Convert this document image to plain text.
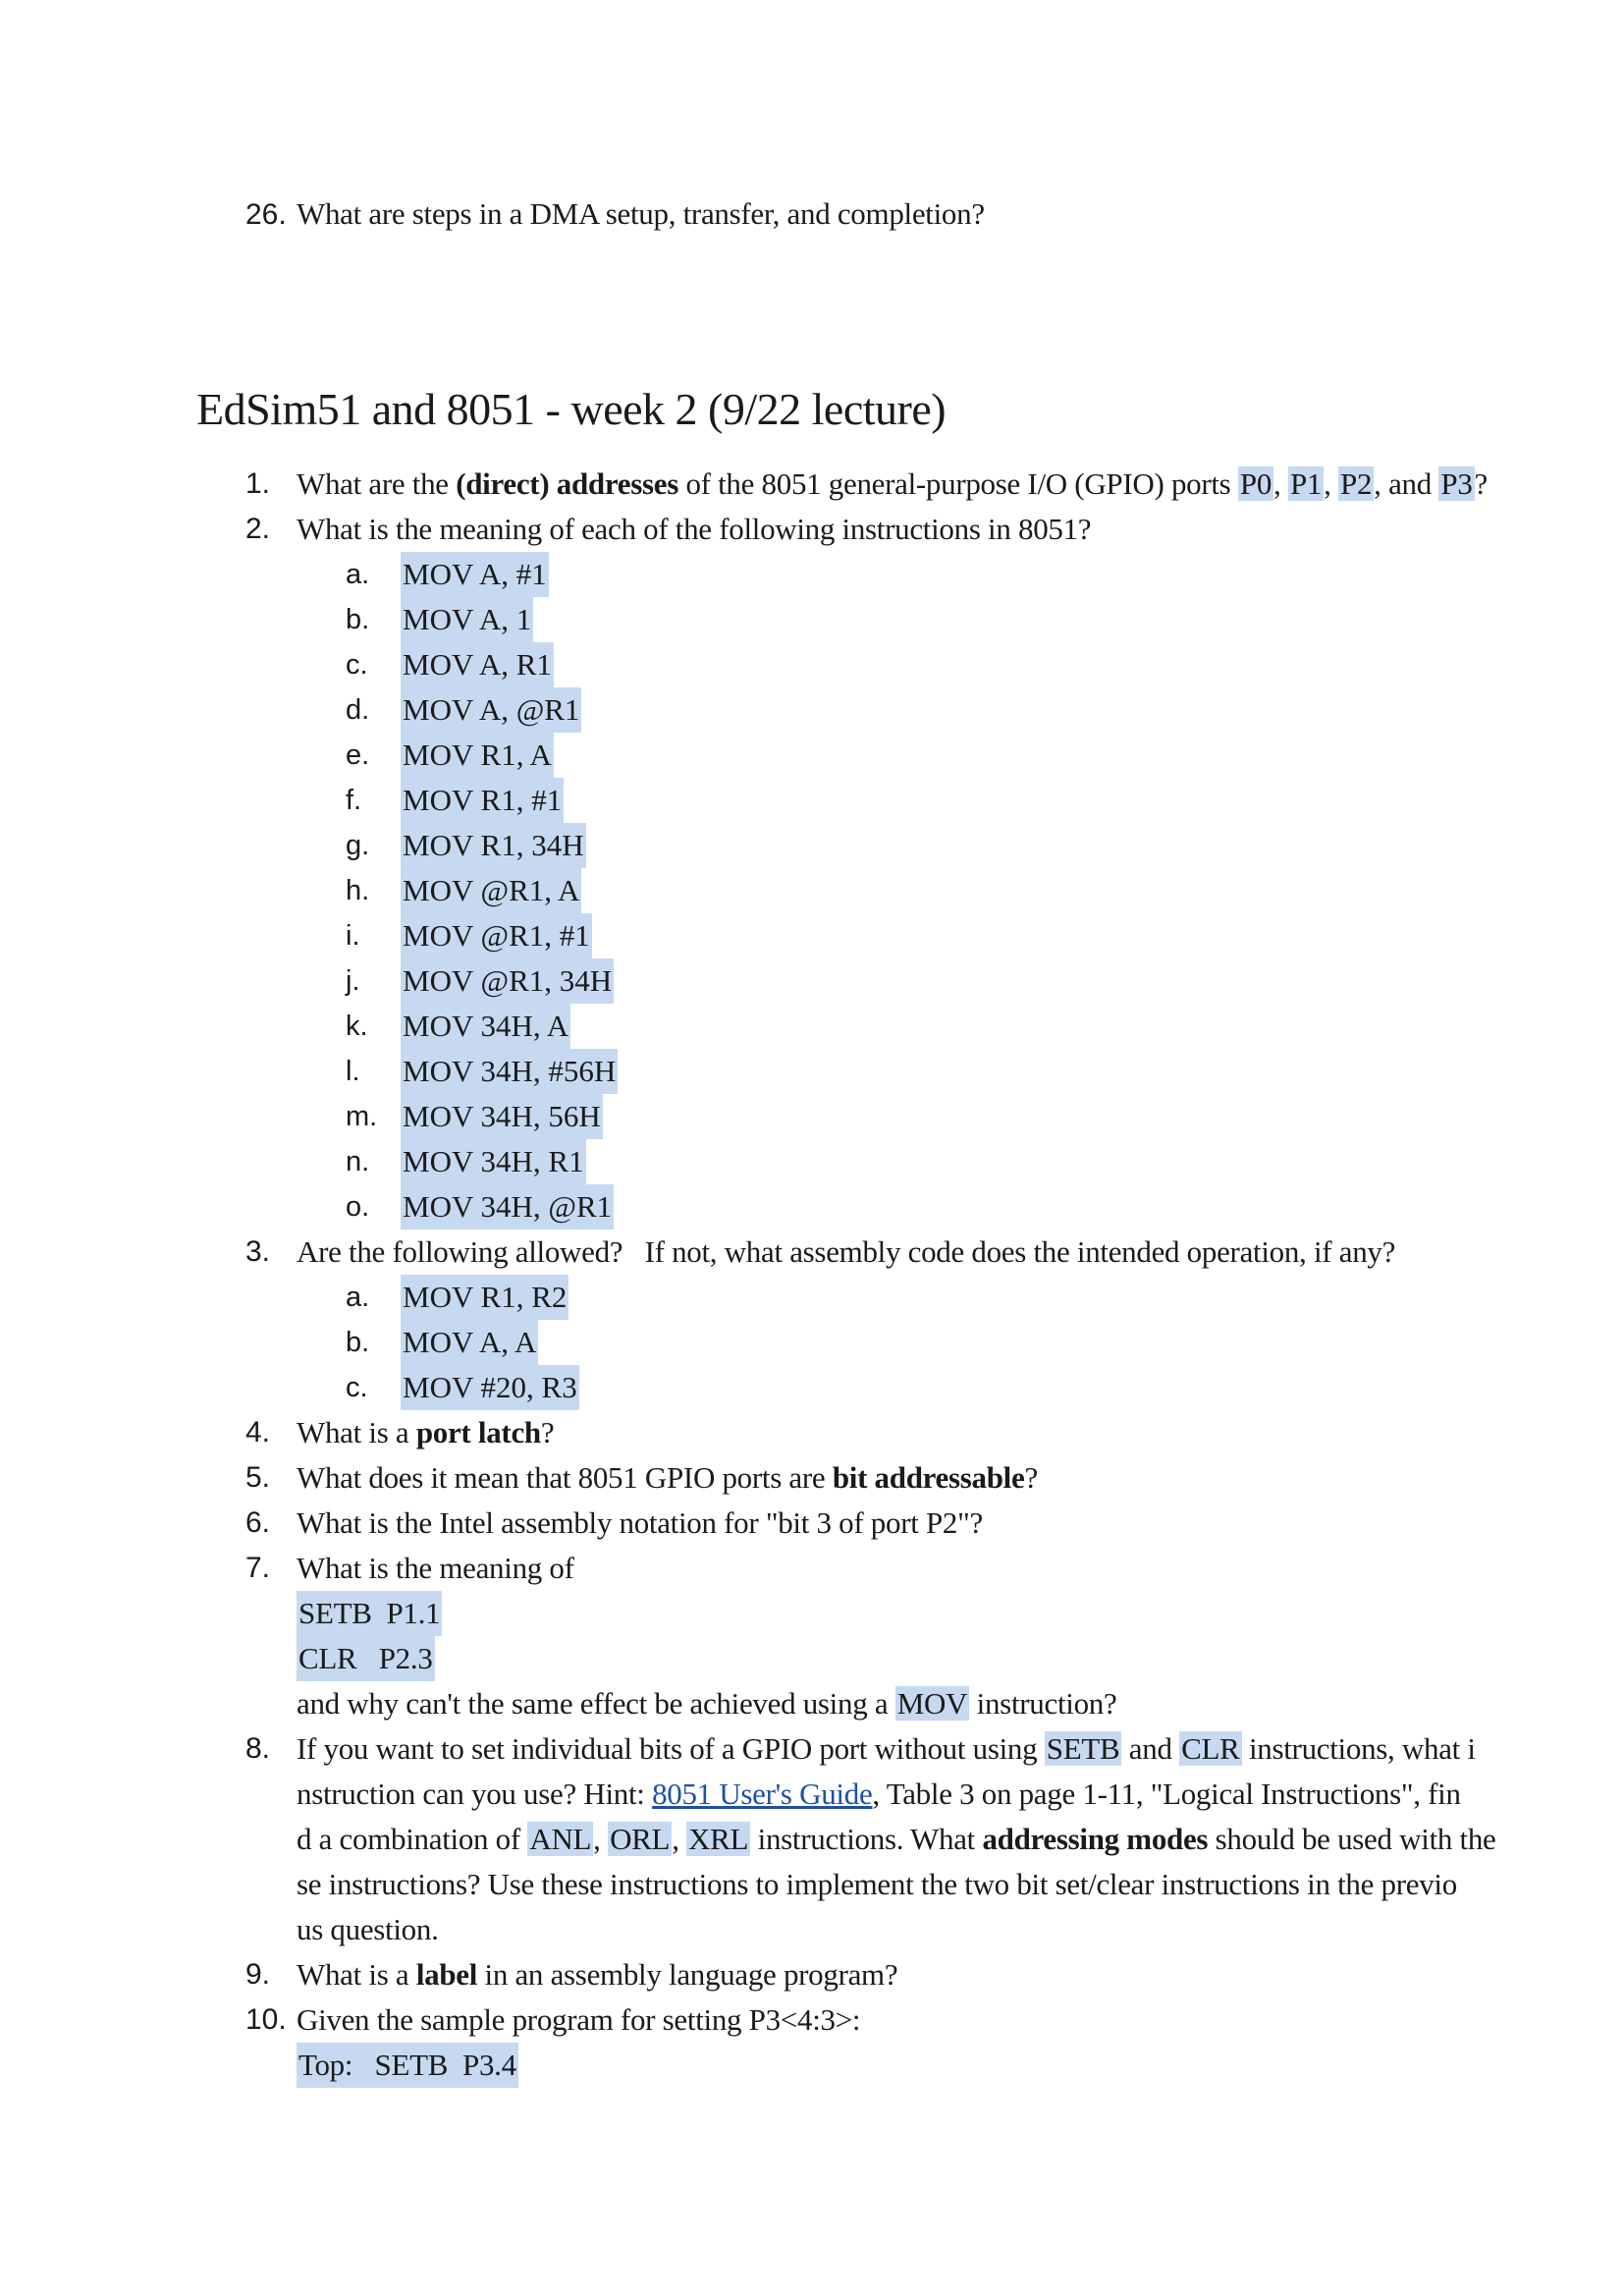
26. What are steps in a DMA setup, transfer, and completion?
EdSim51 and 8051 - week 2 (9/22 lecture)
1. What are the (direct) addresses of the 8051 general-purpose I/O (GPIO) ports P0, P1, P2, and P3?
2. What is the meaning of each of the following instructions in 8051?
a. MOV A, #1
b. MOV A, 1
c. MOV A, R1
d. MOV A, @R1
e. MOV R1, A
f. MOV R1, #1
g. MOV R1, 34H
h. MOV @R1, A
i. MOV @R1, #1
j. MOV @R1, 34H
k. MOV 34H, A
l. MOV 34H, #56H
m. MOV 34H, 56H
n. MOV 34H, R1
o. MOV 34H, @R1
3. Are the following allowed?   If not, what assembly code does the intended operation, if any?
a. MOV R1, R2
b. MOV A, A
c. MOV #20, R3
4. What is a port latch?
5. What does it mean that 8051 GPIO ports are bit addressable?
6. What is the Intel assembly notation for "bit 3 of port P2"?
7. What is the meaning of
SETB  P1.1
CLR   P2.3
and why can't the same effect be achieved using a MOV instruction?
8. If you want to set individual bits of a GPIO port without using SETB and CLR instructions, what i
nstruction can you use? Hint: 8051 User's Guide, Table 3 on page 1-11, "Logical Instructions", fin
d a combination of ANL, ORL, XRL instructions. What addressing modes should be used with the
se instructions? Use these instructions to implement the two bit set/clear instructions in the previo
us question.
9. What is a label in an assembly language program?
10. Given the sample program for setting P3<4:3>:
Top:   SETB  P3.4
